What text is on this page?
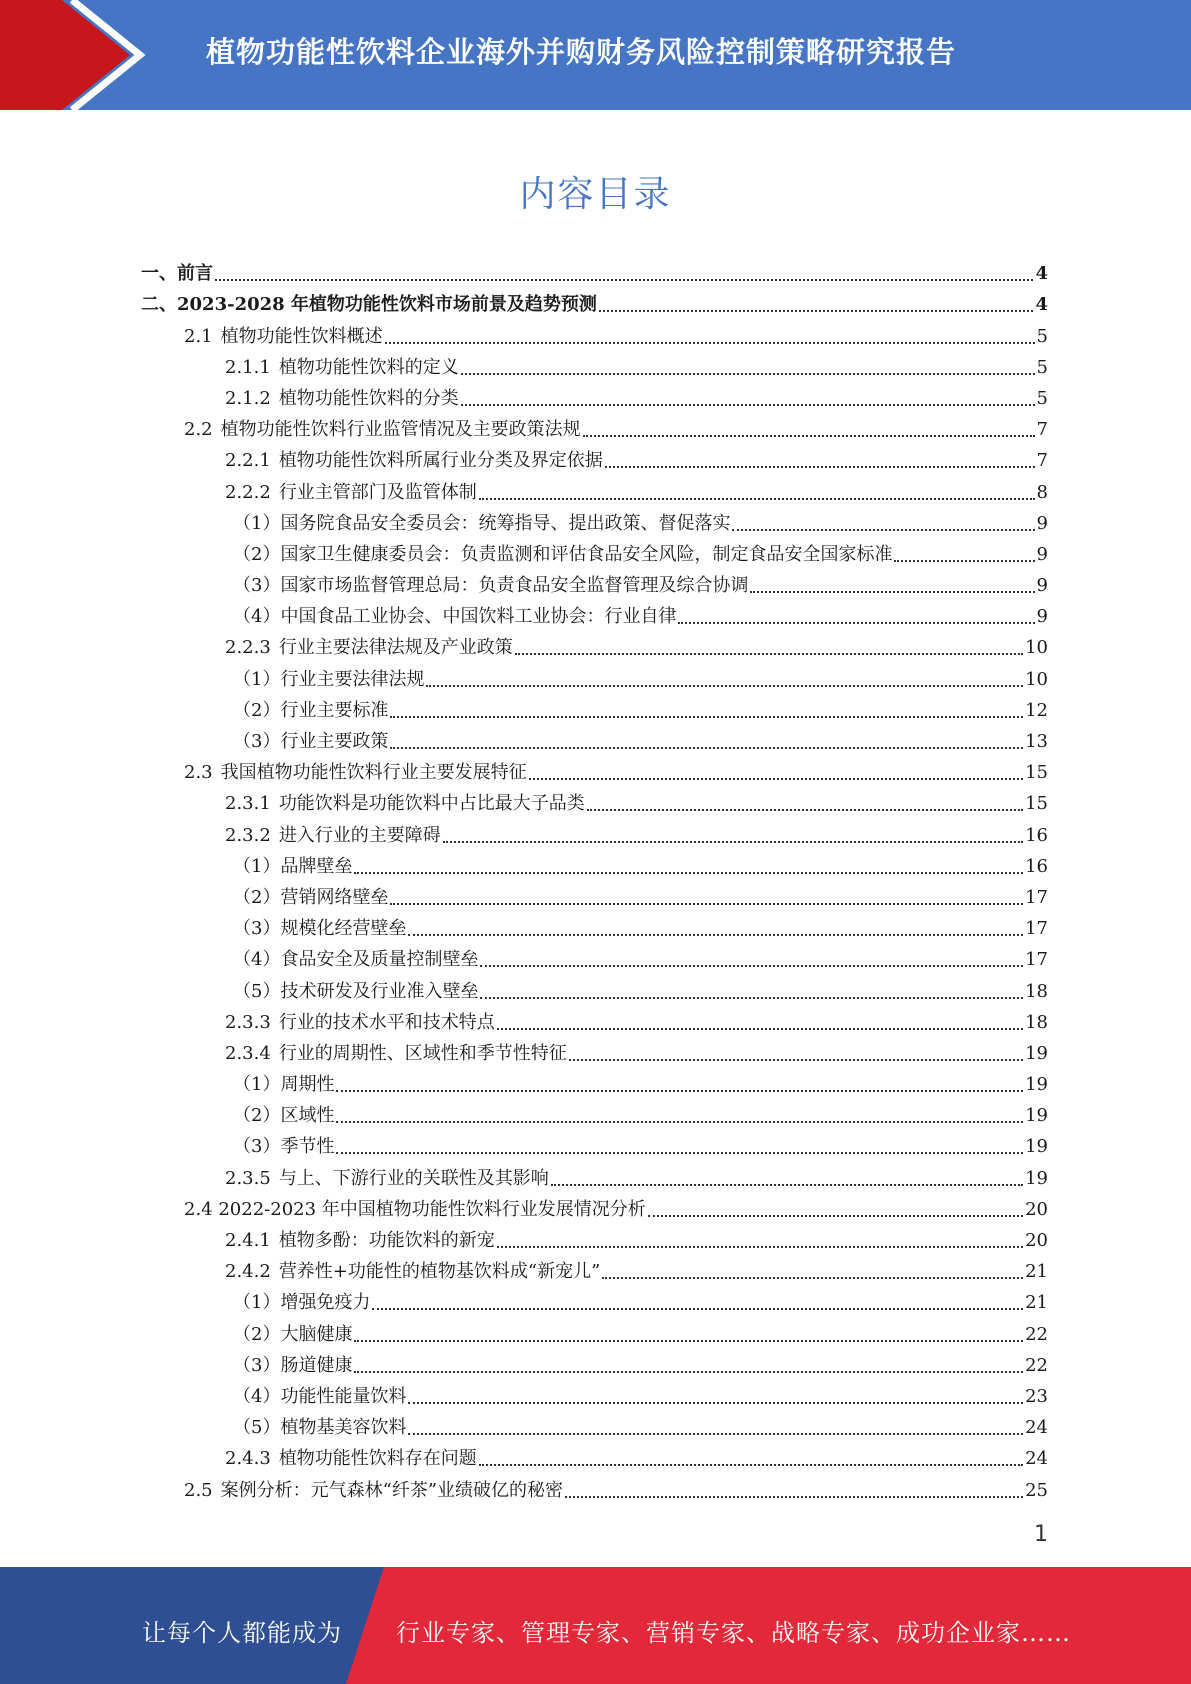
植物功能性饮料企业海外并购财务风险控制策略研究报告
内容目录
一、前言	4
二、2023-2028 年植物功能性饮料市场前景及趋势预测	4
2.1 植物功能性饮料概述	5
2.1.1 植物功能性饮料的定义	5
2.1.2 植物功能性饮料的分类	5
2.2 植物功能性饮料行业监管情况及主要政策法规	7
2.2.1 植物功能性饮料所属行业分类及界定依据	7
2.2.2 行业主管部门及监管体制	8
（1）国务院食品安全委员会：统筹指导、提出政策、督促落实	9
（2）国家卫生健康委员会：负责监测和评估食品安全风险，制定食品安全国家标准	9
（3）国家市场监督管理总局：负责食品安全监督管理及综合协调	9
（4）中国食品工业协会、中国饮料工业协会：行业自律	9
2.2.3 行业主要法律法规及产业政策	10
（1）行业主要法律法规	10
（2）行业主要标准	12
（3）行业主要政策	13
2.3 我国植物功能性饮料行业主要发展特征	15
2.3.1 功能饮料是功能饮料中占比最大子品类	15
2.3.2 进入行业的主要障碍	16
（1）品牌壁垒	16
（2）营销网络壁垒	17
（3）规模化经营壁垒	17
（4）食品安全及质量控制壁垒	17
（5）技术研发及行业准入壁垒	18
2.3.3 行业的技术水平和技术特点	18
2.3.4 行业的周期性、区域性和季节性特征	19
（1）周期性	19
（2）区域性	19
（3）季节性	19
2.3.5 与上、下游行业的关联性及其影响	19
2.4 2022-2023 年中国植物功能性饮料行业发展情况分析	20
2.4.1 植物多酚：功能饮料的新宠	20
2.4.2 营养性+功能性的植物基饮料成“新宠儿”	21
（1）增强免疫力	21
（2）大脑健康	22
（3）肠道健康	22
（4）功能性能量饮料	23
（5）植物基美容饮料	24
2.4.3 植物功能性饮料存在问题	24
2.5 案例分析：元气森林“纤茶”业绩破亿的秘密	25
1
让每个人都能成为 行业专家、管理专家、营销专家、战略专家、成功企业家……
